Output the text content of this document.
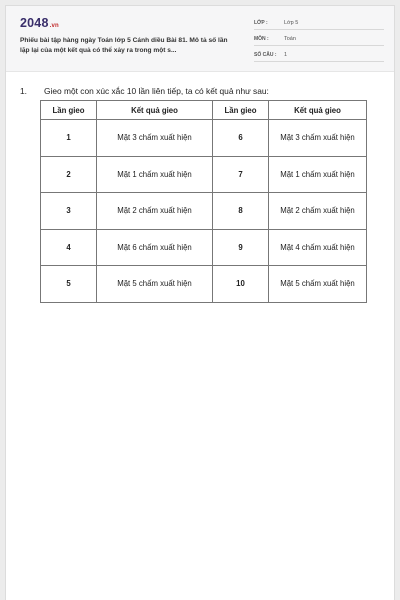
2048.vn
Phiếu bài tập hàng ngày Toán lớp 5 Cánh diều Bài 81. Mô tả số lần lặp lại của một kết quả có thể xảy ra trong một s...
LỚP :	Lớp 5
MÔN :	Toán
SỐ CÂU :	1
1.	Gieo một con xúc xắc 10 lần liên tiếp, ta có kết quả như sau:
Lần gieo	Kết quả gieo	Lần gieo	Kết quả gieo
1	Mặt 3 chấm xuất hiện	6	Mặt 3 chấm xuất hiện
2	Mặt 1 chấm xuất hiện	7	Mặt 1 chấm xuất hiện
3	Mặt 2 chấm xuất hiện	8	Mặt 2 chấm xuất hiện
4	Mặt 6 chấm xuất hiện	9	Mặt 4 chấm xuất hiện
5	Mặt 5 chấm xuất hiện	10	Mặt 5 chấm xuất hiện
